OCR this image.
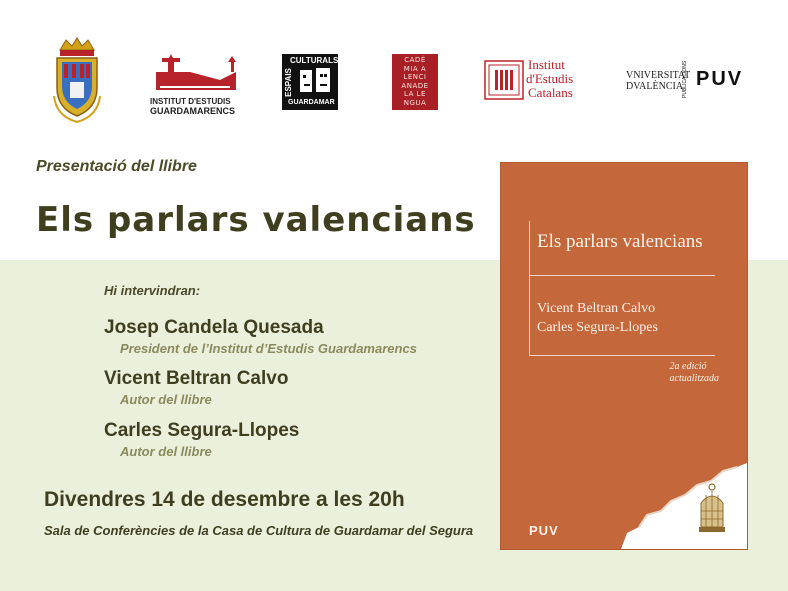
INSTITUT D'ESTUDIS
GUARDAMARENCS
CULTURALS
ESPAIS
GUARDAMAR
CADÈ
MIA A
LENCI
ANADE
LA LE
NGUA
Institut
d'Estudis
Catalans
VNIVERSITAT
DVALÈNCIA
PUBLICACIONS PUV
Presentació del llibre
Els parlars valencians
Hi intervindran:
Josep Candela Quesada
President de l’Institut d’Estudis Guardamarencs
Vicent Beltran Calvo
Autor del llibre
Carles Segura-Llopes
Autor del llibre
Divendres 14 de desembre a les 20h
Sala de Conferències de la Casa de Cultura de Guardamar del Segura
Els parlars valencians
Vicent Beltran Calvo
Carles Segura-Llopes
2a edició
actualitzada
PUV
